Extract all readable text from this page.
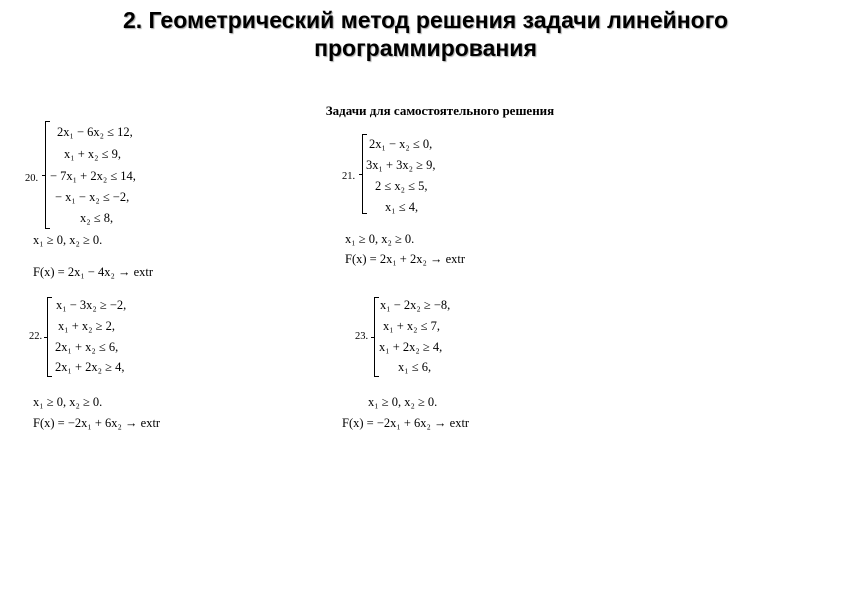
2. Геометрический метод решения задачи линейного
программирования
Задачи для самостоятельного решения
20.
2x₁ − 6x₂ ≤ 12,
x₁ + x₂ ≤ 9,
− 7x₁ + 2x₂ ≤ 14,
− x₁ − x₂ ≤ −2,
x₂ ≤ 8,
x₁ ≥ 0, x₂ ≥ 0.
F(x) = 2x₁ − 4x₂ → extr
21.
2x₁ − x₂ ≤ 0,
3x₁ + 3x₂ ≥ 9,
2 ≤ x₂ ≤ 5,
x₁ ≤ 4,
x₁ ≥ 0, x₂ ≥ 0.
F(x) = 2x₁ + 2x₂ → extr
22.
x₁ − 3x₂ ≥ −2,
x₁ + x₂ ≥ 2,
2x₁ + x₂ ≤ 6,
2x₁ + 2x₂ ≥ 4,
x₁ ≥ 0, x₂ ≥ 0.
F(x) = −2x₁ + 6x₂ → extr
23.
x₁ − 2x₂ ≥ −8,
x₁ + x₂ ≤ 7,
x₁ + 2x₂ ≥ 4,
x₁ ≤ 6,
x₁ ≥ 0, x₂ ≥ 0.
F(x) = −2x₁ + 6x₂ → extr
